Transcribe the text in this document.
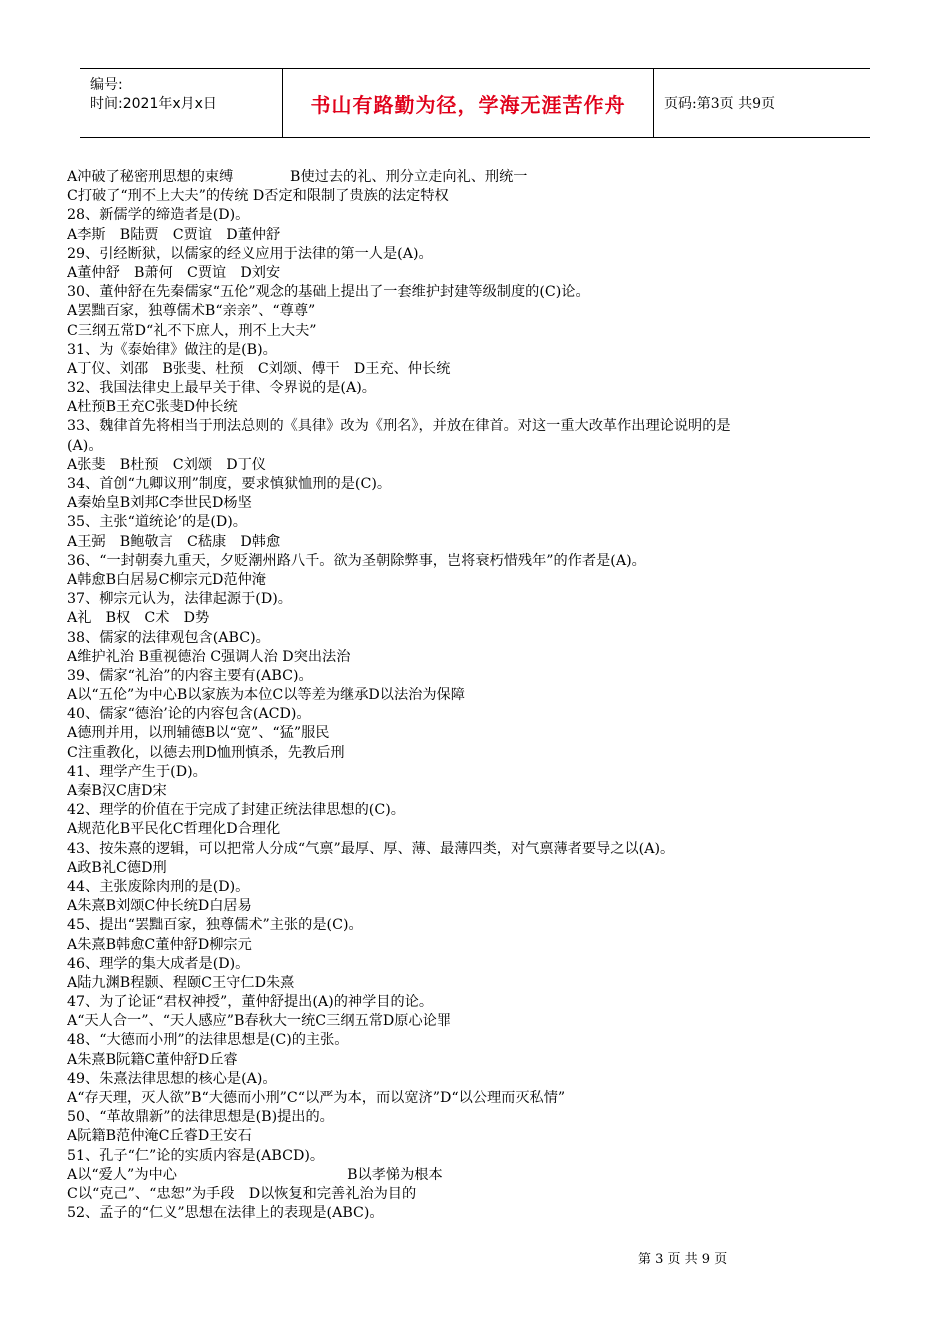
编号:
时间:2021年x月x日	书山有路勤为径，学海无涯苦作舟	页码:第3页 共9页
A冲破了秘密刑思想的束缚　　　　B使过去的礼、刑分立走向礼、刑统一
C打破了“刑不上大夫”的传统 D否定和限制了贵族的法定特权
28、新儒学的缔造者是(D)。
A李斯　B陆贾　C贾谊　D董仲舒
29、引经断狱，以儒家的经义应用于法律的第一人是(A)。
A董仲舒　B萧何　C贾谊　D刘安
30、董仲舒在先秦儒家“五伦”观念的基础上提出了一套维护封建等级制度的(C)论。
A罢黜百家，独尊儒术B“亲亲”、“尊尊”
C三纲五常D“礼不下庶人，刑不上大夫”
31、为《泰始律》做注的是(B)。
A丁仪、刘邵　B张斐、杜预　C刘颂、傅干　D王充、仲长统
32、我国法律史上最早关于律、令界说的是(A)。
A杜预B王充C张斐D仲长统
33、魏律首先将相当于刑法总则的《具律》改为《刑名》，并放在律首。对这一重大改革作出理论说明的是
(A)。
A张斐　B杜预　C刘颂　D丁仪
34、首创“九卿议刑”制度，要求慎狱恤刑的是(C)。
A秦始皇B刘邦C李世民D杨坚
35、主张“道统论’的是(D)。
A王弼　B鲍敬言　C嵇康　D韩愈
36、“一封朝奏九重天，夕贬潮州路八千。欲为圣朝除弊事，岂将衰朽惜残年”的作者是(A)。
A韩愈B白居易C柳宗元D范仲淹
37、柳宗元认为，法律起源于(D)。
A礼　B权　C术　D势
38、儒家的法律观包含(ABC)。
A维护礼治 B重视德治 C强调人治 D突出法治
39、儒家“礼治”的内容主要有(ABC)。
A以“五伦”为中心B以家族为本位C以等差为继承D以法治为保障
40、儒家“德治’论的内容包含(ACD)。
A德刑并用，以刑辅德B以“宽”、“猛”服民
C注重教化，以德去刑D恤刑慎杀，先教后刑
41、理学产生于(D)。
A秦B汉C唐D宋
42、理学的价值在于完成了封建正统法律思想的(C)。
A规范化B平民化C哲理化D合理化
43、按朱熹的逻辑，可以把常人分成“气禀”最厚、厚、薄、最薄四类，对气禀薄者要导之以(A)。
A政B礼C德D刑
44、主张废除肉刑的是(D)。
A朱熹B刘颂C仲长统D白居易
45、提出“罢黜百家，独尊儒术”主张的是(C)。
A朱熹B韩愈C董仲舒D柳宗元
46、理学的集大成者是(D)。
A陆九渊B程颢、程颐C王守仁D朱熹
47、为了论证“君权神授”，董仲舒提出(A)的神学目的论。
A“天人合一”、“天人感应”B春秋大一统C三纲五常D原心论罪
48、“大德而小刑”的法律思想是(C)的主张。
A朱熹B阮籍C董仲舒D丘睿
49、朱熹法律思想的核心是(A)。
A“存天理，灭人欲”B“大德而小刑”C“以严为本，而以宽济”D“以公理而灭私情”
50、“革故鼎新”的法律思想是(B)提出的。
A阮籍B范仲淹C丘睿D王安石
51、孔子“仁”论的实质内容是(ABCD)。
A以“爱人”为中心　　　　　　　　　　　　B以孝悌为根本
C以“克己”、“忠恕”为手段　D以恢复和完善礼治为目的
52、孟子的“仁义”思想在法律上的表现是(ABC)。
第 3 页 共 9 页
